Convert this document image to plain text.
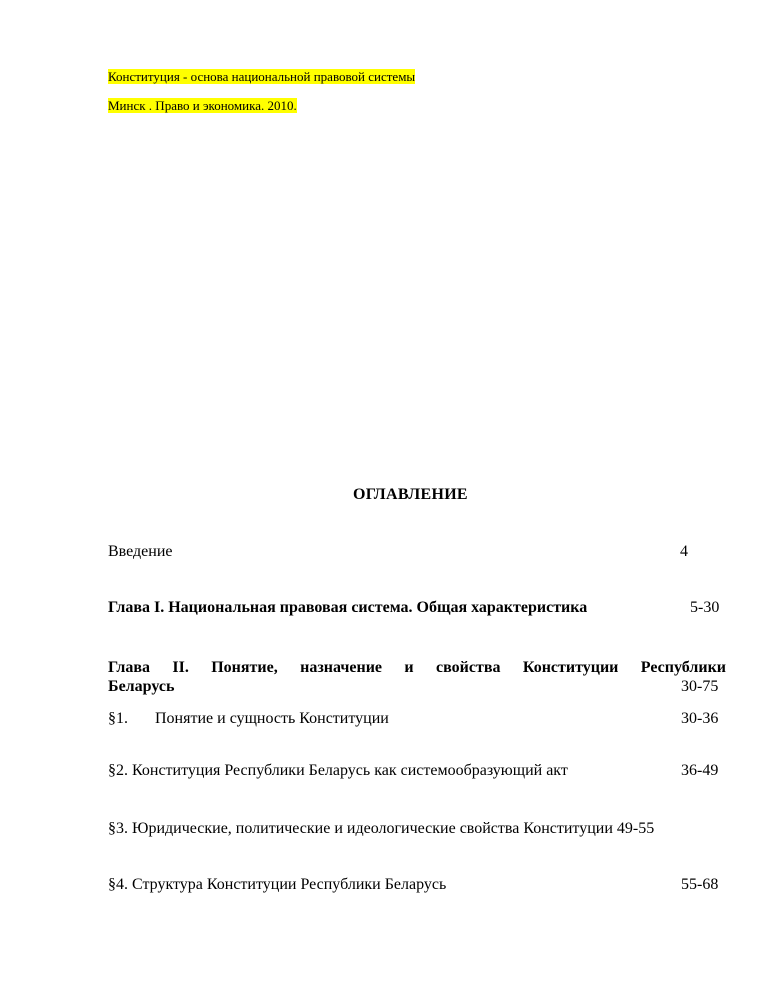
Конституция - основа национальной правовой системы
Минск . Право и экономика. 2010.
ОГЛАВЛЕНИЕ
Введение	4
Глава I. Национальная правовая система. Общая характеристика	5-30
Глава II. Понятие, назначение и свойства Конституции Республики
Беларусь	30-75
§1. Понятие и сущность Конституции	30-36
§2. Конституция Республики Беларусь как системообразующий акт	36-49
§3. Юридические, политические и идеологические свойства Конституции 49-55
§4. Структура Конституции Республики Беларусь	55-68
